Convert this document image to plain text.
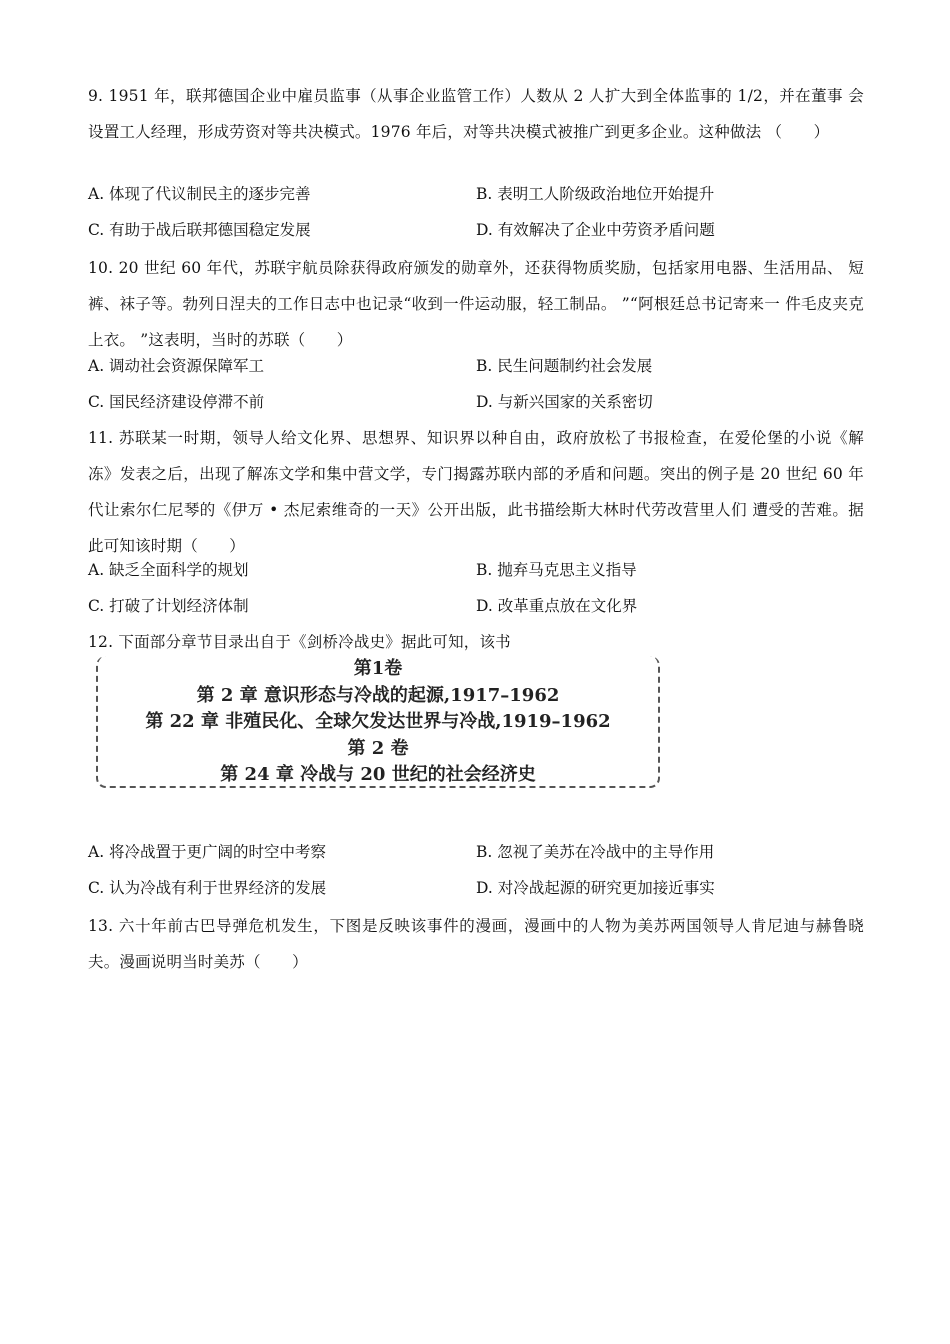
9. 1951 年，联邦德国企业中雇员监事（从事企业监管工作）人数从 2 人扩大到全体监事的 1/2，并在董事 会设置工人经理，形成劳资对等共决模式。1976 年后，对等共决模式被推广到更多企业。这种做法 （　　）
A. 体现了代议制民主的逐步完善	B. 表明工人阶级政治地位开始提升
C. 有助于战后联邦德国稳定发展	D. 有效解决了企业中劳资矛盾问题
10. 20 世纪 60 年代，苏联宇航员除获得政府颁发的勋章外，还获得物质奖励，包括家用电器、生活用品、 短裤、袜子等。勃列日涅夫的工作日志中也记录“收到一件运动服，轻工制品。 ”“阿根廷总书记寄来一 件毛皮夹克上衣。 ”这表明，当时的苏联（　　）
A. 调动社会资源保障军工	B. 民生问题制约社会发展
C. 国民经济建设停滞不前	D. 与新兴国家的关系密切
11. 苏联某一时期，领导人给文化界、思想界、知识界以种自由，政府放松了书报检查，在爱伦堡的小说《解冻》发表之后，出现了解冻文学和集中营文学，专门揭露苏联内部的矛盾和问题。突出的例子是 20 世纪 60 年代让索尔仁尼琴的《伊万 • 杰尼索维奇的一天》公开出版，此书描绘斯大林时代劳改营里人们 遭受的苦难。据此可知该时期（　　）
A. 缺乏全面科学的规划	B. 抛弃马克思主义指导
C. 打破了计划经济体制	D. 改革重点放在文化界
12. 下面部分章节目录出自于《剑桥冷战史》据此可知，该书
第1卷
第 2 章 意识形态与冷战的起源,1917–1962
第 22 章 非殖民化、全球欠发达世界与冷战,1919–1962
第 2 卷
第 24 章 冷战与 20 世纪的社会经济史
A. 将冷战置于更广阔的时空中考察	B. 忽视了美苏在冷战中的主导作用
C. 认为冷战有利于世界经济的发展	D. 对冷战起源的研究更加接近事实
13. 六十年前古巴导弹危机发生，下图是反映该事件的漫画，漫画中的人物为美苏两国领导人肯尼迪与赫鲁晓夫。漫画说明当时美苏（　　）
